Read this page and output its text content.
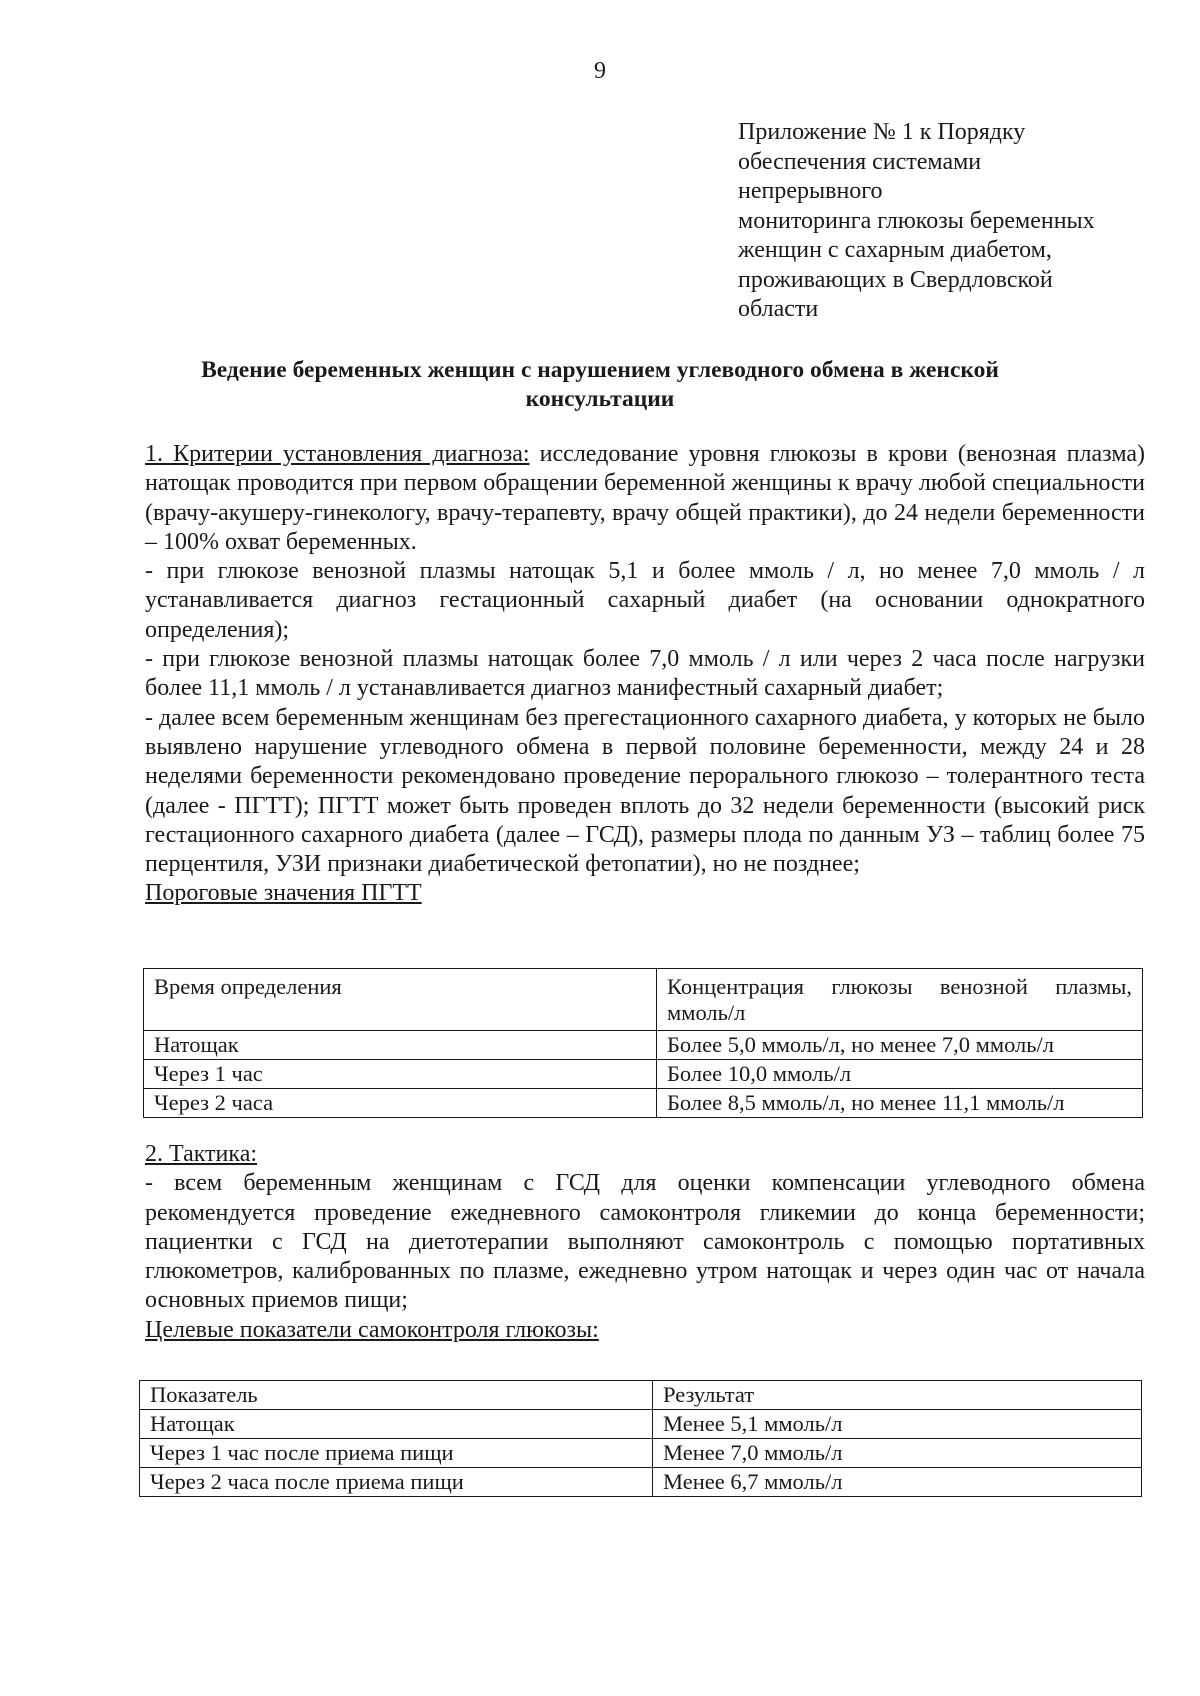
9
Приложение № 1 к Порядку
обеспечения системами
непрерывного
мониторинга глюкозы беременных
женщин с сахарным диабетом,
проживающих в Свердловской
области
Ведение беременных женщин с нарушением углеводного обмена в женской
консультации

1. Критерии установления диагноза: исследование уровня глюкозы в крови (венозная плазма) натощак проводится при первом обращении беременной женщины к врачу любой специальности (врачу-акушеру-гинекологу, врачу-терапевту, врачу общей практики), до 24 недели беременности – 100% охват беременных.

- при глюкозе венозной плазмы натощак 5,1 и более ммоль / л, но менее 7,0 ммоль / л устанавливается диагноз гестационный сахарный диабет (на основании однократного определения);

- при глюкозе венозной плазмы натощак более 7,0 ммоль / л или через 2 часа после нагрузки более 11,1 ммоль / л устанавливается диагноз манифестный сахарный диабет;

- далее всем беременным женщинам без прегестационного сахарного диабета, у которых не было выявлено нарушение углеводного обмена в первой половине беременности, между 24 и 28 неделями беременности рекомендовано проведение перорального глюкозо – толерантного теста (далее - ПГТТ); ПГТТ может быть проведен вплоть до 32 недели беременности (высокий риск гестационного сахарного диабета (далее – ГСД), размеры плода по данным УЗ – таблиц более 75 перцентиля, УЗИ признаки диабетической фетопатии), но не позднее;

Пороговые значения ПГТТ

Время определения	Концентрация глюкозы венозной плазмы, ммоль/л
Натощак	Более 5,0 ммоль/л, но менее 7,0 ммоль/л
Через 1 час	Более 10,0 ммоль/л
Через 2 часа	Более 8,5 ммоль/л, но менее 11,1 ммоль/л

2. Тактика:

- всем беременным женщинам с ГСД для оценки компенсации углеводного обмена рекомендуется проведение ежедневного самоконтроля гликемии до конца беременности; пациентки с ГСД на диетотерапии выполняют самоконтроль с помощью портативных глюкометров, калиброванных по плазме, ежедневно утром натощак и через один час от начала основных приемов пищи;

Целевые показатели самоконтроля глюкозы:

Показатель	Результат
Натощак	Менее 5,1 ммоль/л
Через 1 час после приема пищи	Менее 7,0 ммоль/л
Через 2 часа после приема пищи	Менее 6,7 ммоль/л
